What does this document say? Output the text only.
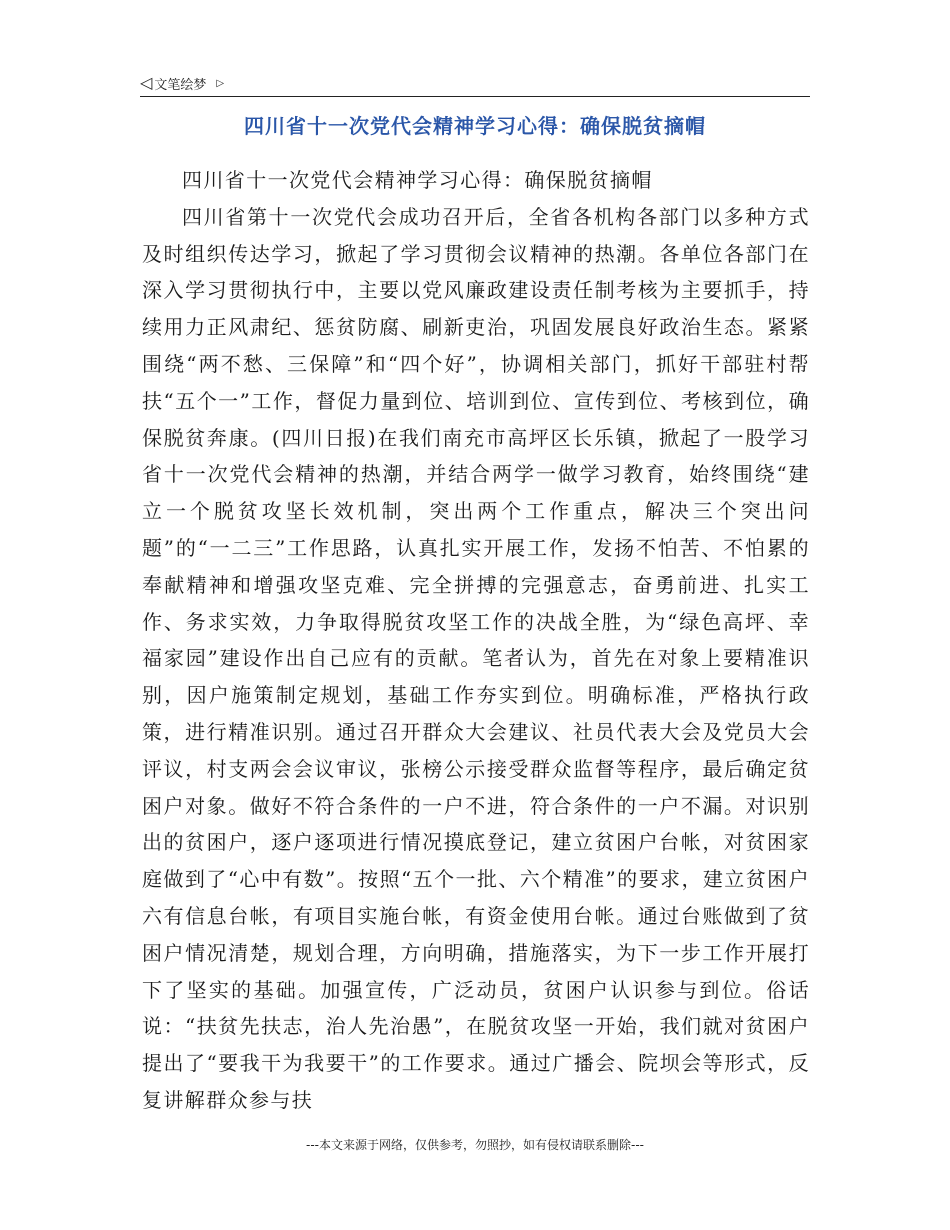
◁ 文笔绘梦 ▷
四川省十一次党代会精神学习心得：确保脱贫摘帽

四川省十一次党代会精神学习心得：确保脱贫摘帽

四川省第十一次党代会成功召开后，全省各机构各部门以多种方式及时组织传达学习，掀起了学习贯彻会议精神的热潮。各单位各部门在深入学习贯彻执行中，主要以党风廉政建设责任制考核为主要抓手，持续用力正风肃纪、惩贫防腐、刷新吏治，巩固发展良好政治生态。紧紧围绕“两不愁、三保障”和“四个好”，协调相关部门，抓好干部驻村帮扶“五个一”工作，督促力量到位、培训到位、宣传到位、考核到位，确保脱贫奔康。(四川日报)在我们南充市高坪区长乐镇，掀起了一股学习省十一次党代会精神的热潮，并结合两学一做学习教育，始终围绕“建立一个脱贫攻坚长效机制，突出两个工作重点，解决三个突出问题”的“一二三”工作思路，认真扎实开展工作，发扬不怕苦、不怕累的奉献精神和增强攻坚克难、完全拼搏的完强意志，奋勇前进、扎实工作、务求实效，力争取得脱贫攻坚工作的决战全胜，为“绿色高坪、幸福家园”建设作出自己应有的贡献。笔者认为，首先在对象上要精准识别，因户施策制定规划，基础工作夯实到位。明确标准，严格执行政策，进行精准识别。通过召开群众大会建议、社员代表大会及党员大会评议，村支两会会议审议，张榜公示接受群众监督等程序，最后确定贫困户对象。做好不符合条件的一户不进，符合条件的一户不漏。对识别出的贫困户，逐户逐项进行情况摸底登记，建立贫困户台帐，对贫困家庭做到了“心中有数”。按照“五个一批、六个精准”的要求，建立贫困户六有信息台帐，有项目实施台帐，有资金使用台帐。通过台账做到了贫困户情况清楚，规划合理，方向明确，措施落实，为下一步工作开展打下了坚实的基础。加强宣传，广泛动员，贫困户认识参与到位。俗话说：“扶贫先扶志，治人先治愚”，在脱贫攻坚一开始，我们就对贫困户提出了“要我干为我要干”的工作要求。通过广播会、院坝会等形式，反复讲解群众参与扶

---本文来源于网络，仅供参考，勿照抄，如有侵权请联系删除---
